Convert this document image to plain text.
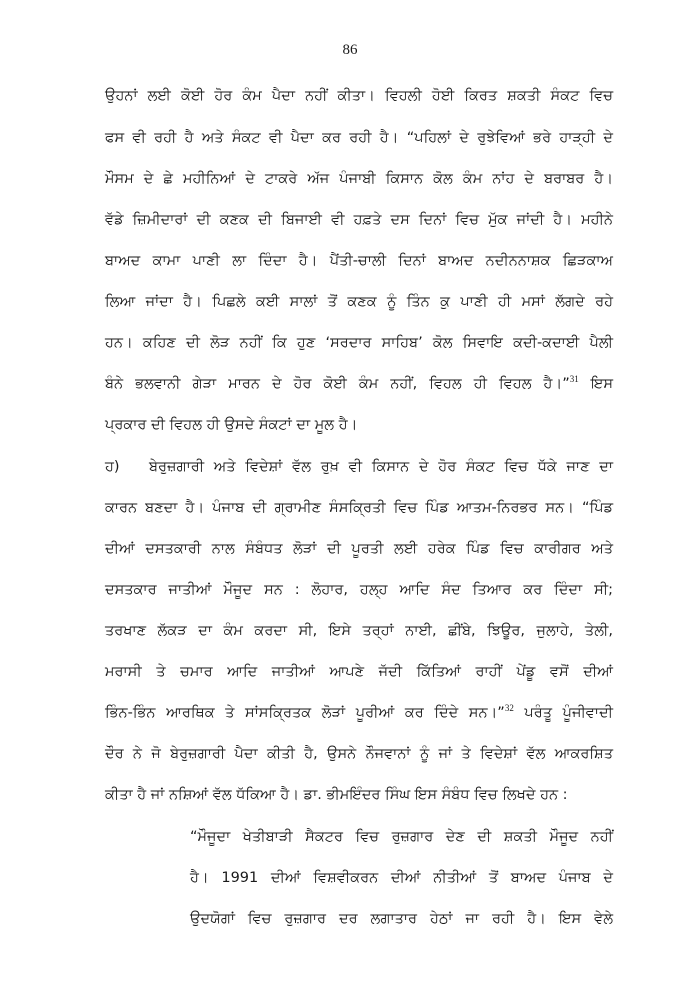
86
ਉਹਨਾਂ ਲਈ ਕੋਈ ਹੋਰ ਕੰਮ ਪੈਦਾ ਨਹੀਂ ਕੀਤਾ। ਵਿਹਲੀ ਹੋਈ ਕਿਰਤ ਸ਼ਕਤੀ ਸੰਕਟ ਵਿਚ
ਫਸ ਵੀ ਰਹੀ ਹੈ ਅਤੇ ਸੰਕਟ ਵੀ ਪੈਦਾ ਕਰ ਰਹੀ ਹੈ। “ਪਹਿਲਾਂ ਦੇ ਰੁਝੇਵਿਆਂ ਭਰੇ ਹਾੜ੍ਹੀ ਦੇ
ਮੌਸਮ ਦੇ ਛੇ ਮਹੀਨਿਆਂ ਦੇ ਟਾਕਰੇ ਅੱਜ ਪੰਜਾਬੀ ਕਿਸਾਨ ਕੋਲ ਕੰਮ ਨਾਂਹ ਦੇ ਬਰਾਬਰ ਹੈ।
ਵੱਡੇ ਜ਼ਿਮੀਦਾਰਾਂ ਦੀ ਕਣਕ ਦੀ ਬਿਜਾਈ ਵੀ ਹਫ਼ਤੇ ਦਸ ਦਿਨਾਂ ਵਿਚ ਮੁੱਕ ਜਾਂਦੀ ਹੈ। ਮਹੀਨੇ
ਬਾਅਦ ਕਾਮਾ ਪਾਣੀ ਲਾ ਦਿੰਦਾ ਹੈ। ਪੈਂਤੀ-ਚਾਲੀ ਦਿਨਾਂ ਬਾਅਦ ਨਦੀਨਨਾਸ਼ਕ ਛਿੜਕਾਅ
ਲਿਆ ਜਾਂਦਾ ਹੈ। ਪਿਛਲੇ ਕਈ ਸਾਲਾਂ ਤੋਂ ਕਣਕ ਨੂੰ ਤਿੰਨ ਕੁ ਪਾਣੀ ਹੀ ਮਸਾਂ ਲੱਗਦੇ ਰਹੇ
ਹਨ। ਕਹਿਣ ਦੀ ਲੋੜ ਨਹੀਂ ਕਿ ਹੁਣ ‘ਸਰਦਾਰ ਸਾਹਿਬ’ ਕੋਲ ਸਿਵਾਇ ਕਦੀ-ਕਦਾਈ ਪੈਲੀ
ਬੰਨੇ ਭਲਵਾਨੀ ਗੇੜਾ ਮਾਰਨ ਦੇ ਹੋਰ ਕੋਈ ਕੰਮ ਨਹੀਂ, ਵਿਹਲ ਹੀ ਵਿਹਲ ਹੈ।”$^{31}$ ਇਸ
ਪ੍ਰਕਾਰ ਦੀ ਵਿਹਲ ਹੀ ਉਸਦੇ ਸੰਕਟਾਂ ਦਾ ਮੂਲ ਹੈ।
ਹ) ਬੇਰੁਜ਼ਗਾਰੀ ਅਤੇ ਵਿਦੇਸ਼ਾਂ ਵੱਲ ਰੁਖ਼ ਵੀ ਕਿਸਾਨ ਦੇ ਹੋਰ ਸੰਕਟ ਵਿਚ ਧੱਕੇ ਜਾਣ ਦਾ
ਕਾਰਨ ਬਣਦਾ ਹੈ। ਪੰਜਾਬ ਦੀ ਗ੍ਰਾਮੀਣ ਸੰਸਕ੍ਰਿਤੀ ਵਿਚ ਪਿੰਡ ਆਤਮ-ਨਿਰਭਰ ਸਨ। “ਪਿੰਡ
ਦੀਆਂ ਦਸਤਕਾਰੀ ਨਾਲ ਸੰਬੰਧਤ ਲੋੜਾਂ ਦੀ ਪੂਰਤੀ ਲਈ ਹਰੇਕ ਪਿੰਡ ਵਿਚ ਕਾਰੀਗਰ ਅਤੇ
ਦਸਤਕਾਰ ਜਾਤੀਆਂ ਮੌਜੂਦ ਸਨ : ਲੋਹਾਰ, ਹਲ੍ਹ ਆਦਿ ਸੰਦ ਤਿਆਰ ਕਰ ਦਿੰਦਾ ਸੀ;
ਤਰਖਾਣ ਲੱਕੜ ਦਾ ਕੰਮ ਕਰਦਾ ਸੀ, ਇਸੇ ਤਰ੍ਹਾਂ ਨਾਈ, ਛੀਂਬੇ, ਝਿਊਰ, ਜੁਲਾਹੇ, ਤੇਲੀ,
ਮਰਾਸੀ ਤੇ ਚਮਾਰ ਆਦਿ ਜਾਤੀਆਂ ਆਪਣੇ ਜੱਦੀ ਕਿੱਤਿਆਂ ਰਾਹੀਂ ਪੇਂਡੂ ਵਸੋਂ ਦੀਆਂ
ਭਿੰਨ-ਭਿੰਨ ਆਰਥਿਕ ਤੇ ਸਾਂਸਕ੍ਰਿਤਕ ਲੋੜਾਂ ਪੂਰੀਆਂ ਕਰ ਦਿੰਦੇ ਸਨ।”$^{32}$ ਪਰੰਤੂ ਪੂੰਜੀਵਾਦੀ
ਦੌਰ ਨੇ ਜੋ ਬੇਰੁਜ਼ਗਾਰੀ ਪੈਦਾ ਕੀਤੀ ਹੈ, ਉਸਨੇ ਨੌਜਵਾਨਾਂ ਨੂੰ ਜਾਂ ਤੇ ਵਿਦੇਸ਼ਾਂ ਵੱਲ ਆਕਰਸ਼ਿਤ
ਕੀਤਾ ਹੈ ਜਾਂ ਨਸ਼ਿਆਂ ਵੱਲ ਧੱਕਿਆ ਹੈ। ਡਾ. ਭੀਮਇੰਦਰ ਸਿੰਘ ਇਸ ਸੰਬੰਧ ਵਿਚ ਲਿਖਦੇ ਹਨ :
“ਮੌਜੂਦਾ ਖੇਤੀਬਾੜੀ ਸੈਕਟਰ ਵਿਚ ਰੁਜ਼ਗਾਰ ਦੇਣ ਦੀ ਸ਼ਕਤੀ ਮੌਜੂਦ ਨਹੀਂ
ਹੈ। 1991 ਦੀਆਂ ਵਿਸ਼ਵੀਕਰਨ ਦੀਆਂ ਨੀਤੀਆਂ ਤੋਂ ਬਾਅਦ ਪੰਜਾਬ ਦੇ
ਉਦਯੋਗਾਂ ਵਿਚ ਰੁਜ਼ਗਾਰ ਦਰ ਲਗਾਤਾਰ ਹੇਠਾਂ ਜਾ ਰਹੀ ਹੈ। ਇਸ ਵੇਲੇ
